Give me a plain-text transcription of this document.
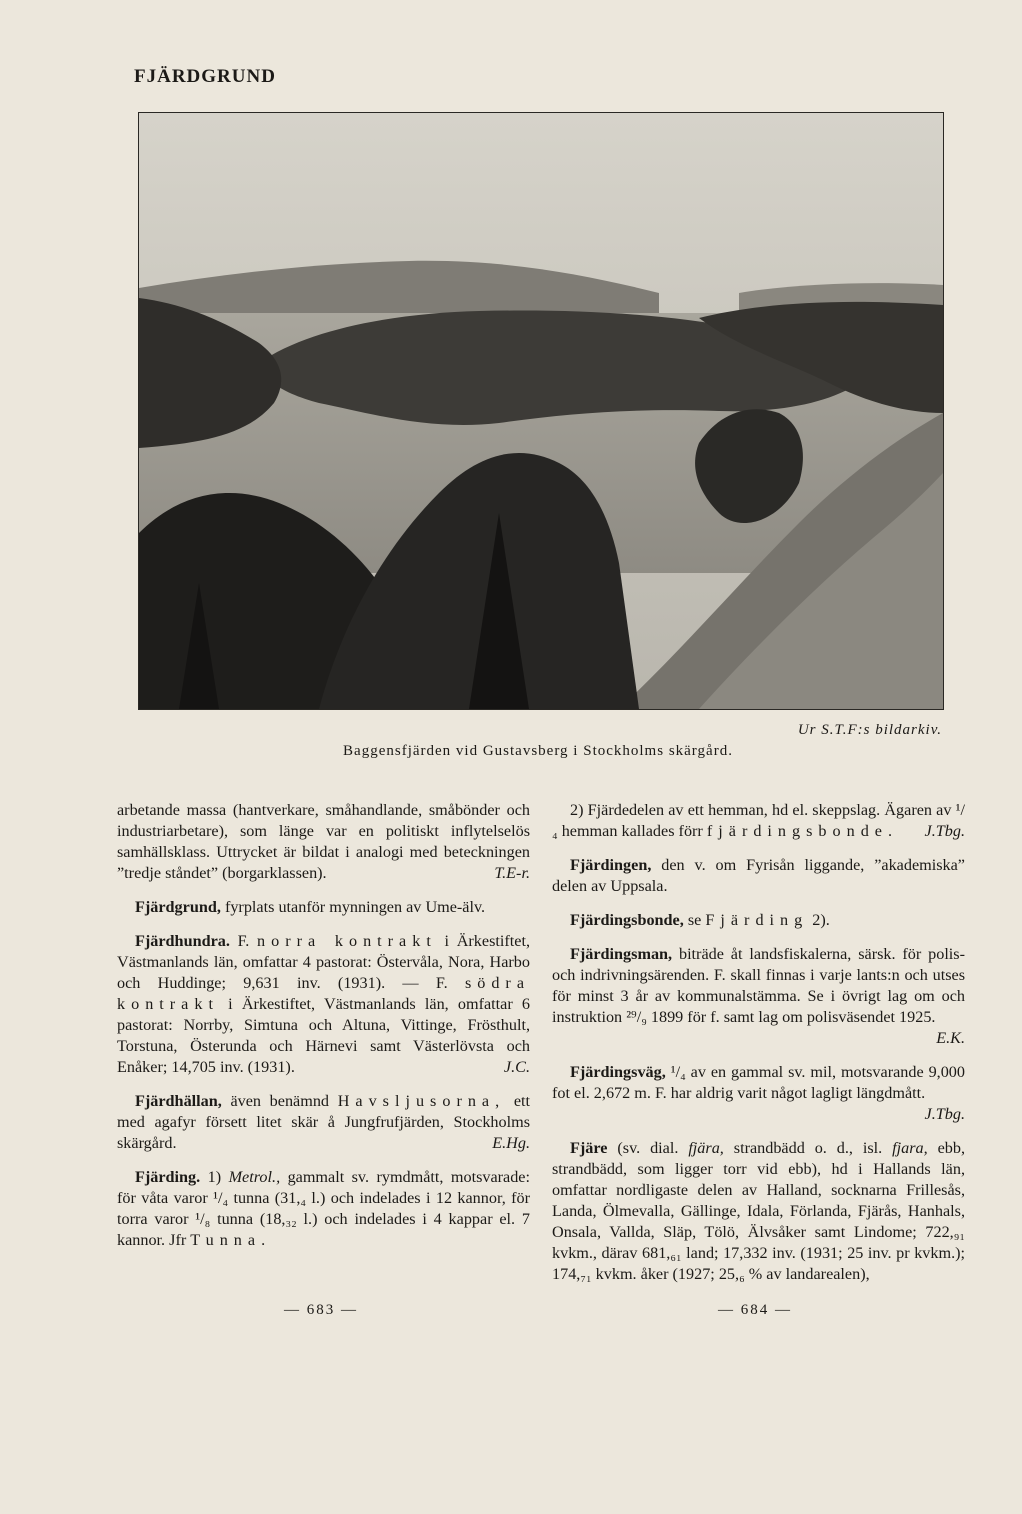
FJÄRDGRUND
Ur S.T.F:s bildarkiv.
Baggensfjärden vid Gustavsberg i Stockholms skärgård.

arbetande massa (hantverkare, småhandlande, småbönder och industriarbetare), som länge var en politiskt inflytelselös samhällsklass. Uttrycket är bildat i analogi med beteckningen ”tredje ståndet” (borgarklassen).	T.E-r.

Fjärdgrund, fyrplats utanför mynningen av Ume-älv.

Fjärdhundra. F. norra kontrakt i Ärkestiftet, Västmanlands län, omfattar 4 pastorat: Östervåla, Nora, Harbo och Huddinge; 9,631 inv. (1931). — F. södra kontrakt i Ärkestiftet, Västmanlands län, omfattar 6 pastorat: Norrby, Simtuna och Altuna, Vittinge, Frösthult, Torstuna, Österunda och Härnevi samt Västerlövsta och Enåker; 14,705 inv. (1931).	J.C.

Fjärdhällan, även benämnd Havsljusorna, ett med agafyr försett litet skär å Jungfrufjärden, Stockholms skärgård.	E.Hg.

Fjärding. 1) Metrol., gammalt sv. rymdmått, motsvarade: för våta varor ¹/₄ tunna (31,₄ l.) och indelades i 12 kannor, för torra varor ¹/₈ tunna (18,₃₂ l.) och indelades i 4 kappar el. 7 kannor. Jfr Tunna.

2) Fjärdedelen av ett hemman, hd el. skeppslag. Ägaren av ¹/₄ hemman kallades förr fjärdingsbonde.	J.Tbg.

Fjärdingen, den v. om Fyrisån liggande, ”akademiska” delen av Uppsala.

Fjärdingsbonde, se Fjärding 2).

Fjärdingsman, biträde åt landsfiskalerna, särsk. för polis- och indrivningsärenden. F. skall finnas i varje lants:n och utses för minst 3 år av kommunalstämma. Se i övrigt lag om och instruktion ²⁹/₉ 1899 för f. samt lag om polisväsendet 1925.
E.K.

Fjärdingsväg, ¹/₄ av en gammal sv. mil, motsvarande 9,000 fot el. 2,672 m. F. har aldrig varit något lagligt längdmått.
J.Tbg.

Fjäre (sv. dial. fjära, strandbädd o. d., isl. fjara, ebb, strandbädd, som ligger torr vid ebb), hd i Hallands län, omfattar nordligaste delen av Halland, socknarna Frillesås, Landa, Ölmevalla, Gällinge, Idala, Förlanda, Fjärås, Hanhals, Onsala, Vallda, Släp, Tölö, Älvsåker samt Lindome; 722,₉₁ kvkm., därav 681,₆₁ land; 17,332 inv. (1931; 25 inv. pr kvkm.); 174,₇₁ kvkm. åker (1927; 25,₆ % av landarealen),

— 683 —	— 684 —
